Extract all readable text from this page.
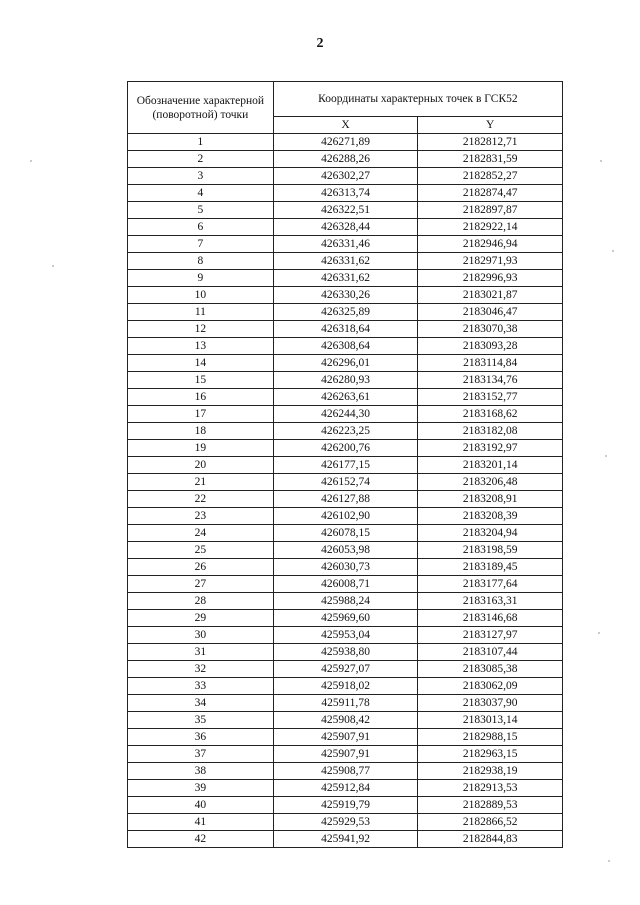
2
Обозначение характерной (поворотной) точки	Координаты характерных точек в ГСК52	
	X	Y
1	426271,89	2182812,71
2	426288,26	2182831,59
3	426302,27	2182852,27
4	426313,74	2182874,47
5	426322,51	2182897,87
6	426328,44	2182922,14
7	426331,46	2182946,94
8	426331,62	2182971,93
9	426331,62	2182996,93
10	426330,26	2183021,87
11	426325,89	2183046,47
12	426318,64	2183070,38
13	426308,64	2183093,28
14	426296,01	2183114,84
15	426280,93	2183134,76
16	426263,61	2183152,77
17	426244,30	2183168,62
18	426223,25	2183182,08
19	426200,76	2183192,97
20	426177,15	2183201,14
21	426152,74	2183206,48
22	426127,88	2183208,91
23	426102,90	2183208,39
24	426078,15	2183204,94
25	426053,98	2183198,59
26	426030,73	2183189,45
27	426008,71	2183177,64
28	425988,24	2183163,31
29	425969,60	2183146,68
30	425953,04	2183127,97
31	425938,80	2183107,44
32	425927,07	2183085,38
33	425918,02	2183062,09
34	425911,78	2183037,90
35	425908,42	2183013,14
36	425907,91	2182988,15
37	425907,91	2182963,15
38	425908,77	2182938,19
39	425912,84	2182913,53
40	425919,79	2182889,53
41	425929,53	2182866,52
42	425941,92	2182844,83
